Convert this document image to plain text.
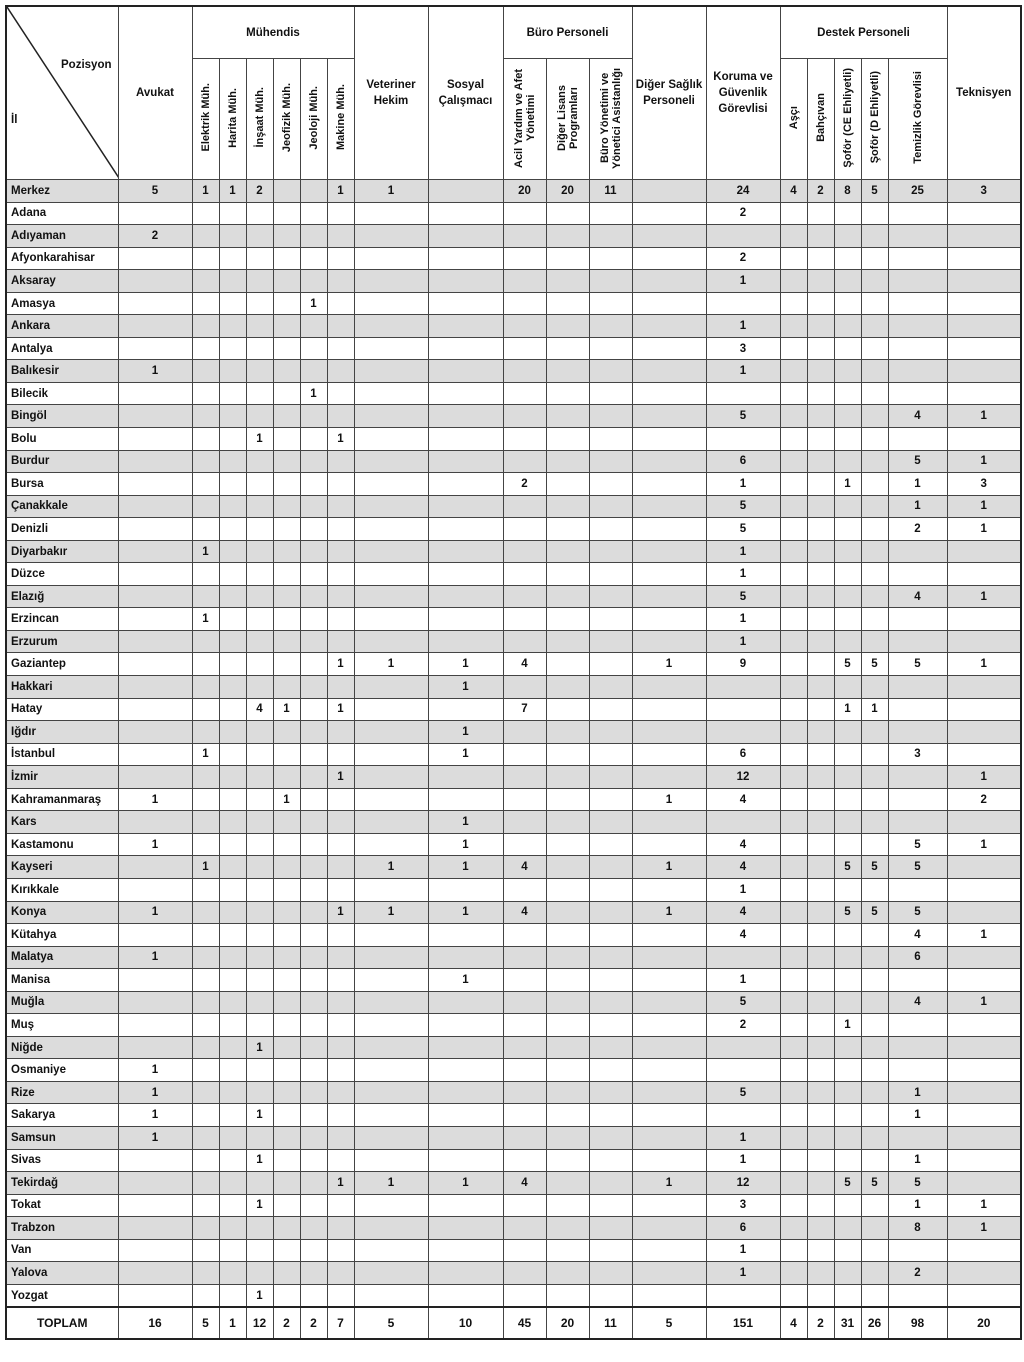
Pozisyon
İl	Avukat	Mühendis						Veteriner Hekim	Sosyal Çalışmacı	Büro Personeli			Diğer Sağlık Personeli	Koruma ve Güvenlik Görevlisi	Destek Personeli					Teknisyen
		Elektrik Müh.	Harita Müh.	İnşaat Müh.	Jeofizik Müh.	Jeoloji Müh.	Makine Müh.			Acil Yardım ve Afet Yönetimi	Diğer Lisans Programları	Büro Yönetimi ve Yönetici Asistanlığı			Aşçı	Bahçıvan	Şoför (CE Ehliyetli)	Şoför (D Ehliyetli)	Temizlik Görevlisi	
Merkez	5	1	1	2			1	1		20	20	11		24	4	2	8	5	25	3
Adana														2						
Adıyaman	2																			
Afyonkarahisar														2						
Aksaray														1						
Amasya						1														
Ankara														1						
Antalya														3						
Balıkesir	1													1						
Bilecik						1														
Bingöl														5					4	1
Bolu				1			1													
Burdur														6					5	1
Bursa										2				1			1		1	3
Çanakkale														5					1	1
Denizli														5					2	1
Diyarbakır		1												1						
Düzce														1						
Elazığ														5					4	1
Erzincan		1												1						
Erzurum														1						
Gaziantep							1	1	1	4			1	9			5	5	5	1
Hakkari									1											
Hatay				4	1		1			7							1	1		
Iğdır									1											
İstanbul		1							1					6					3	
İzmir							1							12						1
Kahramanmaraş	1				1								1	4						2
Kars									1											
Kastamonu	1								1					4					5	1
Kayseri		1						1	1	4			1	4			5	5	5	
Kırıkkale														1						
Konya	1						1	1	1	4			1	4			5	5	5	
Kütahya														4					4	1
Malatya	1																		6	
Manisa									1					1						
Muğla														5					4	1
Muş														2			1			
Niğde				1																
Osmaniye	1																			
Rize	1													5					1	
Sakarya	1			1															1	
Samsun	1													1						
Sivas				1										1					1	
Tekirdağ							1	1	1	4			1	12			5	5	5	
Tokat				1										3					1	1
Trabzon														6					8	1
Van														1						
Yalova														1					2	
Yozgat				1																
TOPLAM	16	5	1	12	2	2	7	5	10	45	20	11	5	151	4	2	31	26	98	20
